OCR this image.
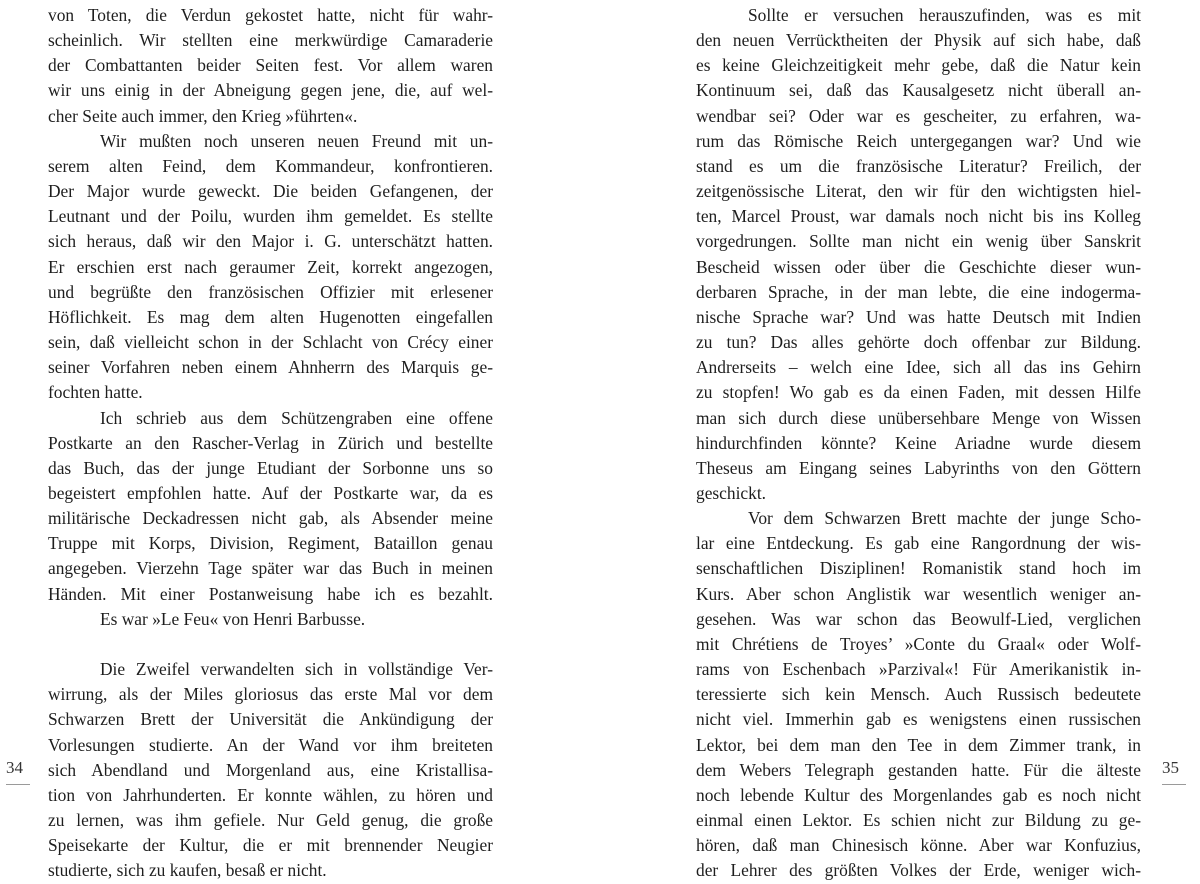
von Toten, die Verdun gekostet hatte, nicht für wahr-
scheinlich. Wir stellten eine merkwürdige Camaraderie
der Combattanten beider Seiten fest. Vor allem waren
wir uns einig in der Abneigung gegen jene, die, auf wel-
cher Seite auch immer, den Krieg »führten«.
Wir mußten noch unseren neuen Freund mit un-
serem alten Feind, dem Kommandeur, konfrontieren.
Der Major wurde geweckt. Die beiden Gefangenen, der
Leutnant und der Poilu, wurden ihm gemeldet. Es stellte
sich heraus, daß wir den Major i. G. unterschätzt hatten.
Er erschien erst nach geraumer Zeit, korrekt angezogen,
und begrüßte den französischen Offizier mit erlesener
Höflichkeit. Es mag dem alten Hugenotten eingefallen
sein, daß vielleicht schon in der Schlacht von Crécy einer
seiner Vorfahren neben einem Ahnherrn des Marquis ge-
fochten hatte.
Ich schrieb aus dem Schützengraben eine offene
Postkarte an den Rascher-Verlag in Zürich und bestellte
das Buch, das der junge Etudiant der Sorbonne uns so
begeistert empfohlen hatte. Auf der Postkarte war, da es
militärische Deckadressen nicht gab, als Absender meine
Truppe mit Korps, Division, Regiment, Bataillon genau
angegeben. Vierzehn Tage später war das Buch in meinen
Händen. Mit einer Postanweisung habe ich es bezahlt.
Es war »Le Feu« von Henri Barbusse.
Die Zweifel verwandelten sich in vollständige Ver-
wirrung, als der Miles gloriosus das erste Mal vor dem
Schwarzen Brett der Universität die Ankündigung der
Vorlesungen studierte. An der Wand vor ihm breiteten
sich Abendland und Morgenland aus, eine Kristallisa-
tion von Jahrhunderten. Er konnte wählen, zu hören und
zu lernen, was ihm gefiele. Nur Geld genug, die große
Speisekarte der Kultur, die er mit brennender Neugier
studierte, sich zu kaufen, besaß er nicht.
Sollte er versuchen herauszufinden, was es mit
den neuen Verrücktheiten der Physik auf sich habe, daß
es keine Gleichzeitigkeit mehr gebe, daß die Natur kein
Kontinuum sei, daß das Kausalgesetz nicht überall an-
wendbar sei? Oder war es gescheiter, zu erfahren, wa-
rum das Römische Reich untergegangen war? Und wie
stand es um die französische Literatur? Freilich, der
zeitgenössische Literat, den wir für den wichtigsten hiel-
ten, Marcel Proust, war damals noch nicht bis ins Kolleg
vorgedrungen. Sollte man nicht ein wenig über Sanskrit
Bescheid wissen oder über die Geschichte dieser wun-
derbaren Sprache, in der man lebte, die eine indogerma-
nische Sprache war? Und was hatte Deutsch mit Indien
zu tun? Das alles gehörte doch offenbar zur Bildung.
Andrerseits – welch eine Idee, sich all das ins Gehirn
zu stopfen! Wo gab es da einen Faden, mit dessen Hilfe
man sich durch diese unübersehbare Menge von Wissen
hindurchfinden könnte? Keine Ariadne wurde diesem
Theseus am Eingang seines Labyrinths von den Göttern
geschickt.
Vor dem Schwarzen Brett machte der junge Scho-
lar eine Entdeckung. Es gab eine Rangordnung der wis-
senschaftlichen Disziplinen! Romanistik stand hoch im
Kurs. Aber schon Anglistik war wesentlich weniger an-
gesehen. Was war schon das Beowulf-Lied, verglichen
mit Chrétiens de Troyes’ »Conte du Graal« oder Wolf-
rams von Eschenbach »Parzival«! Für Amerikanistik in-
teressierte sich kein Mensch. Auch Russisch bedeutete
nicht viel. Immerhin gab es wenigstens einen russischen
Lektor, bei dem man den Tee in dem Zimmer trank, in
dem Webers Telegraph gestanden hatte. Für die älteste
noch lebende Kultur des Morgenlandes gab es noch nicht
einmal einen Lektor. Es schien nicht zur Bildung zu ge-
hören, daß man Chinesisch könne. Aber war Konfuzius,
der Lehrer des größten Volkes der Erde, weniger wich-
34	35
